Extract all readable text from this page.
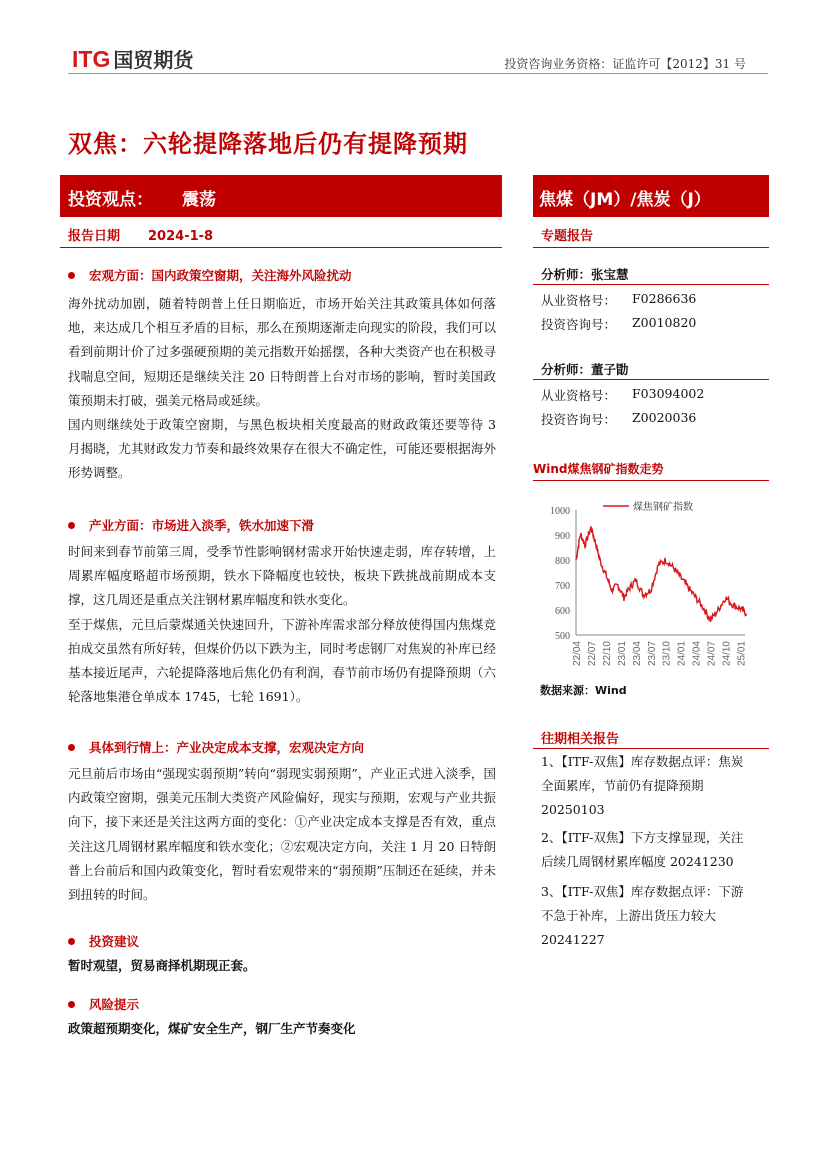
ITG 国贸期货	投资咨询业务资格：证监许可【2012】31 号
双焦：六轮提降落地后仍有提降预期
投资观点： 震荡	焦煤（JM）/焦炭（J）
报告日期 2024-1-8	专题报告
宏观方面：国内政策空窗期，关注海外风险扰动
海外扰动加剧，随着特朗普上任日期临近，市场开始关注其政策具体如何落地，来达成几个相互矛盾的目标，那么在预期逐渐走向现实的阶段，我们可以看到前期计价了过多强硬预期的美元指数开始摇摆，各种大类资产也在积极寻找喘息空间，短期还是继续关注 20 日特朗普上台对市场的影响，暂时美国政策预期未打破，强美元格局或延续。
国内则继续处于政策空窗期，与黑色板块相关度最高的财政政策还要等待 3 月揭晓，尤其财政发力节奏和最终效果存在很大不确定性，可能还要根据海外形势调整。
产业方面：市场进入淡季，铁水加速下滑
时间来到春节前第三周，受季节性影响钢材需求开始快速走弱，库存转增，上周累库幅度略超市场预期，铁水下降幅度也较快，板块下跌挑战前期成本支撑，这几周还是重点关注钢材累库幅度和铁水变化。
至于煤焦，元旦后蒙煤通关快速回升，下游补库需求部分释放使得国内焦煤竞拍成交虽然有所好转，但煤价仍以下跌为主，同时考虑钢厂对焦炭的补库已经基本接近尾声，六轮提降落地后焦化仍有利润，春节前市场仍有提降预期（六轮落地集港仓单成本 1745，七轮 1691）。
具体到行情上：产业决定成本支撑，宏观决定方向
元旦前后市场由“强现实弱预期”转向“弱现实弱预期”，产业正式进入淡季，国内政策空窗期，强美元压制大类资产风险偏好，现实与预期，宏观与产业共振向下，接下来还是关注这两方面的变化：①产业决定成本支撑是否有效，重点关注这几周钢材累库幅度和铁水变化；②宏观决定方向，关注 1 月 20 日特朗普上台前后和国内政策变化，暂时看宏观带来的“弱预期”压制还在延续，并未到扭转的时间。
投资建议
暂时观望，贸易商择机期现正套。
风险提示
政策超预期变化，煤矿安全生产，钢厂生产节奏变化
分析师：张宝慧
从业资格号： F0286636
投资咨询号： Z0010820
分析师：董子勖
从业资格号： F03094002
投资咨询号： Z0020036
Wind煤焦钢矿指数走势
1000
900
800
700
600
500
22/04 22/07 22/10 23/01 23/04 23/07 23/10 24/01 24/04 24/07 24/10 25/01
煤焦钢矿指数
数据来源：Wind
往期相关报告
1、【ITF-双焦】库存数据点评：焦炭全面累库，节前仍有提降预期 20250103
2、【ITF-双焦】下方支撑显现，关注后续几周钢材累库幅度 20241230
3、【ITF-双焦】库存数据点评：下游不急于补库，上游出货压力较大 20241227
